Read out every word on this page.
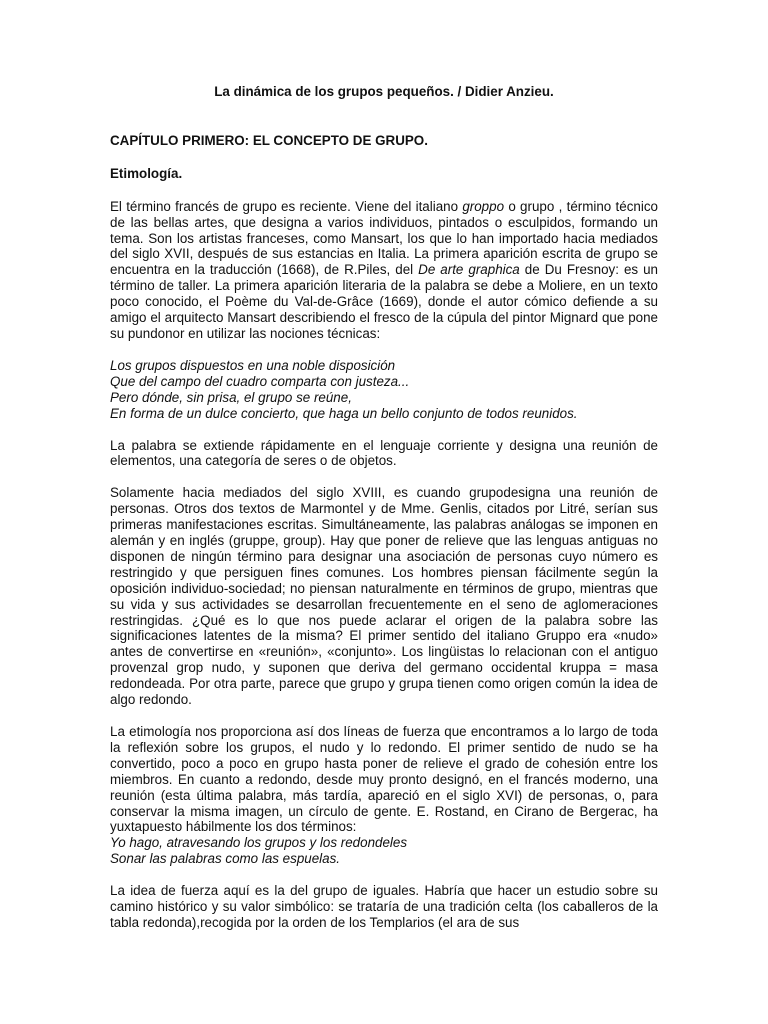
La dinámica de los grupos pequeños. / Didier Anzieu.

CAPÍTULO PRIMERO: EL CONCEPTO DE GRUPO.

Etimología.

El término francés de grupo es reciente. Viene del italiano groppo o grupo , término técnico de las bellas artes, que designa a varios individuos, pintados o esculpidos, formando un tema. Son los artistas franceses, como Mansart, los que lo han importado hacia mediados del siglo XVII, después de sus estancias en Italia. La primera aparición escrita de grupo se encuentra en la traducción (1668), de R.Piles, del De arte graphica de Du Fresnoy: es un término de taller. La primera aparición literaria de la palabra se debe a Moliere, en un texto poco conocido, el Poème du Val-de-Grâce (1669), donde el autor cómico defiende a su amigo el arquitecto Mansart describiendo el fresco de la cúpula del pintor Mignard que pone su pundonor en utilizar las nociones técnicas:

Los grupos dispuestos en una noble disposición

Que del campo del cuadro comparta con justeza...

Pero dónde, sin prisa, el grupo se reúne,

En forma de un dulce concierto, que haga un bello conjunto de todos reunidos.

La palabra se extiende rápidamente en el lenguaje corriente y designa una reunión de elementos, una categoría de seres o de objetos.

Solamente hacia mediados del siglo XVIII, es cuando grupodesigna una reunión de personas. Otros dos textos de Marmontel y de Mme. Genlis, citados por Litré, serían sus primeras manifestaciones escritas. Simultáneamente, las palabras análogas se imponen en alemán y en inglés (gruppe, group). Hay que poner de relieve que las lenguas antiguas no disponen de ningún término para designar una asociación de personas cuyo número es restringido y que persiguen fines comunes. Los hombres piensan fácilmente según la oposición individuo-sociedad; no piensan naturalmente en términos de grupo, mientras que su vida y sus actividades se desarrollan frecuentemente en el seno de aglomeraciones restringidas. ¿Qué es lo que nos puede aclarar el origen de la palabra sobre las significaciones latentes de la misma? El primer sentido del italiano Gruppo era «nudo» antes de convertirse en «reunión», «conjunto». Los lingüistas lo relacionan con el antiguo provenzal grop nudo, y suponen que deriva del germano occidental kruppa = masa redondeada. Por otra parte, parece que grupo y grupa tienen como origen común la idea de algo redondo.

La etimología nos proporciona así dos líneas de fuerza que encontramos a lo largo de toda la reflexión sobre los grupos, el nudo y lo redondo. El primer sentido de nudo se ha convertido, poco a poco en grupo hasta poner de relieve el grado de cohesión entre los miembros. En cuanto a redondo, desde muy pronto designó, en el francés moderno, una reunión (esta última palabra, más tardía, apareció en el siglo XVI) de personas, o, para conservar la misma imagen, un círculo de gente. E. Rostand, en Cirano de Bergerac, ha yuxtapuesto hábilmente los dos términos:

Yo hago, atravesando los grupos y los redondeles

Sonar las palabras como las espuelas.

La idea de fuerza aquí es la del grupo de iguales. Habría que hacer un estudio sobre su camino histórico y su valor simbólico: se trataría de una tradición celta (los caballeros de la tabla redonda),recogida por la orden de los Templarios (el ara de sus
